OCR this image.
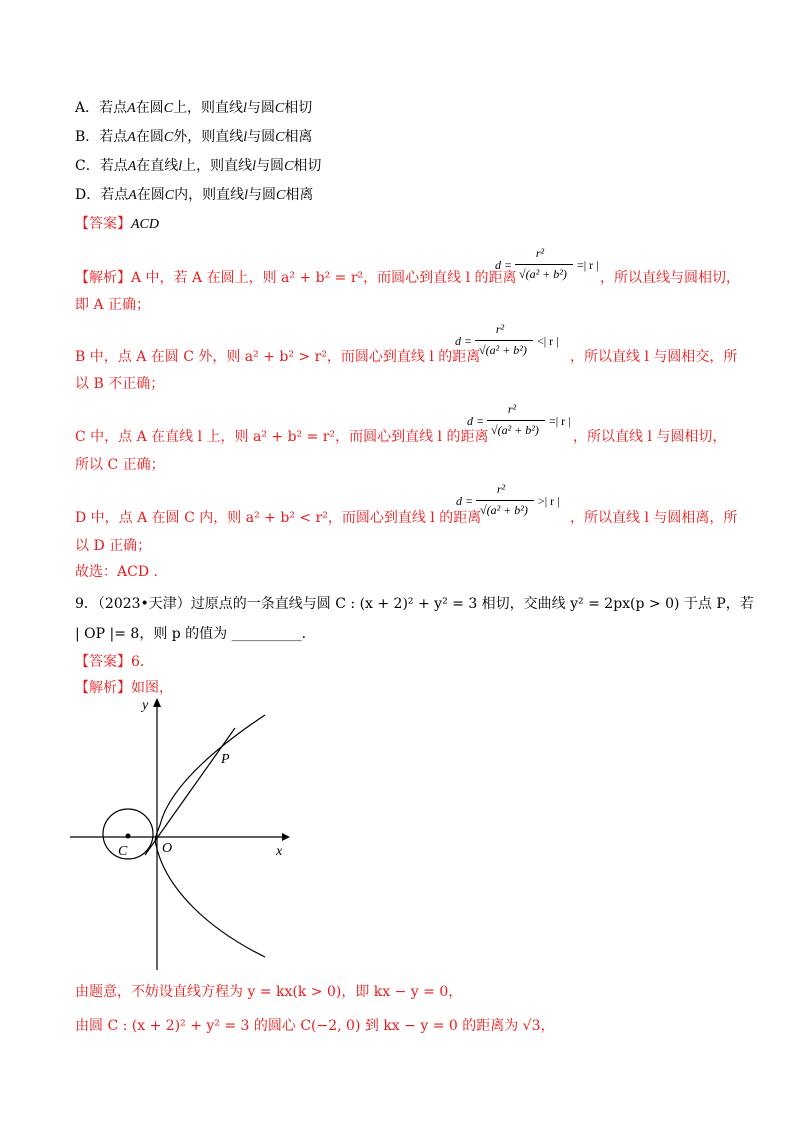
A．若点A在圆C上，则直线l与圆C相切
B．若点A在圆C外，则直线l与圆C相离
C．若点A在直线l上，则直线l与圆C相切
D．若点A在圆C内，则直线l与圆C相离
【答案】ACD
【解析】A 中，若 A 在圆上，则 a² + b² = r²，而圆心到直线 l 的距离
d =
r²
√(a² + b²)
=| r |
，所以直线与圆相切，
即 A 正确；
B 中，点 A 在圆 C 外，则 a² + b² > r²，而圆心到直线 l 的距离
d =
r²
√(a² + b²)
<| r |
，所以直线 l 与圆相交，所
以 B 不正确；
C 中，点 A 在直线 l 上，则 a² + b² = r²，而圆心到直线 l 的距离
d =
r²
√(a² + b²)
=| r |
，所以直线 l 与圆相切，
所以 C 正确；
D 中，点 A 在圆 C 内，则 a² + b² < r²，而圆心到直线 l 的距离
d =
r²
√(a² + b²)
>| r |
，所以直线 l 与圆相离，所
以 D 正确；
故选：ACD .
9．（2023•天津）过原点的一条直线与圆 C : (x + 2)² + y² = 3 相切，交曲线 y² = 2px(p > 0) 于点 P，若
| OP |= 8，则 p 的值为 __________.
【答案】6.
【解析】如图，
y
x
O
C
P
由题意，不妨设直线方程为 y = kx(k > 0)，即 kx − y = 0，
由圆 C : (x + 2)² + y² = 3 的圆心 C(−2, 0) 到 kx − y = 0 的距离为 √3，
